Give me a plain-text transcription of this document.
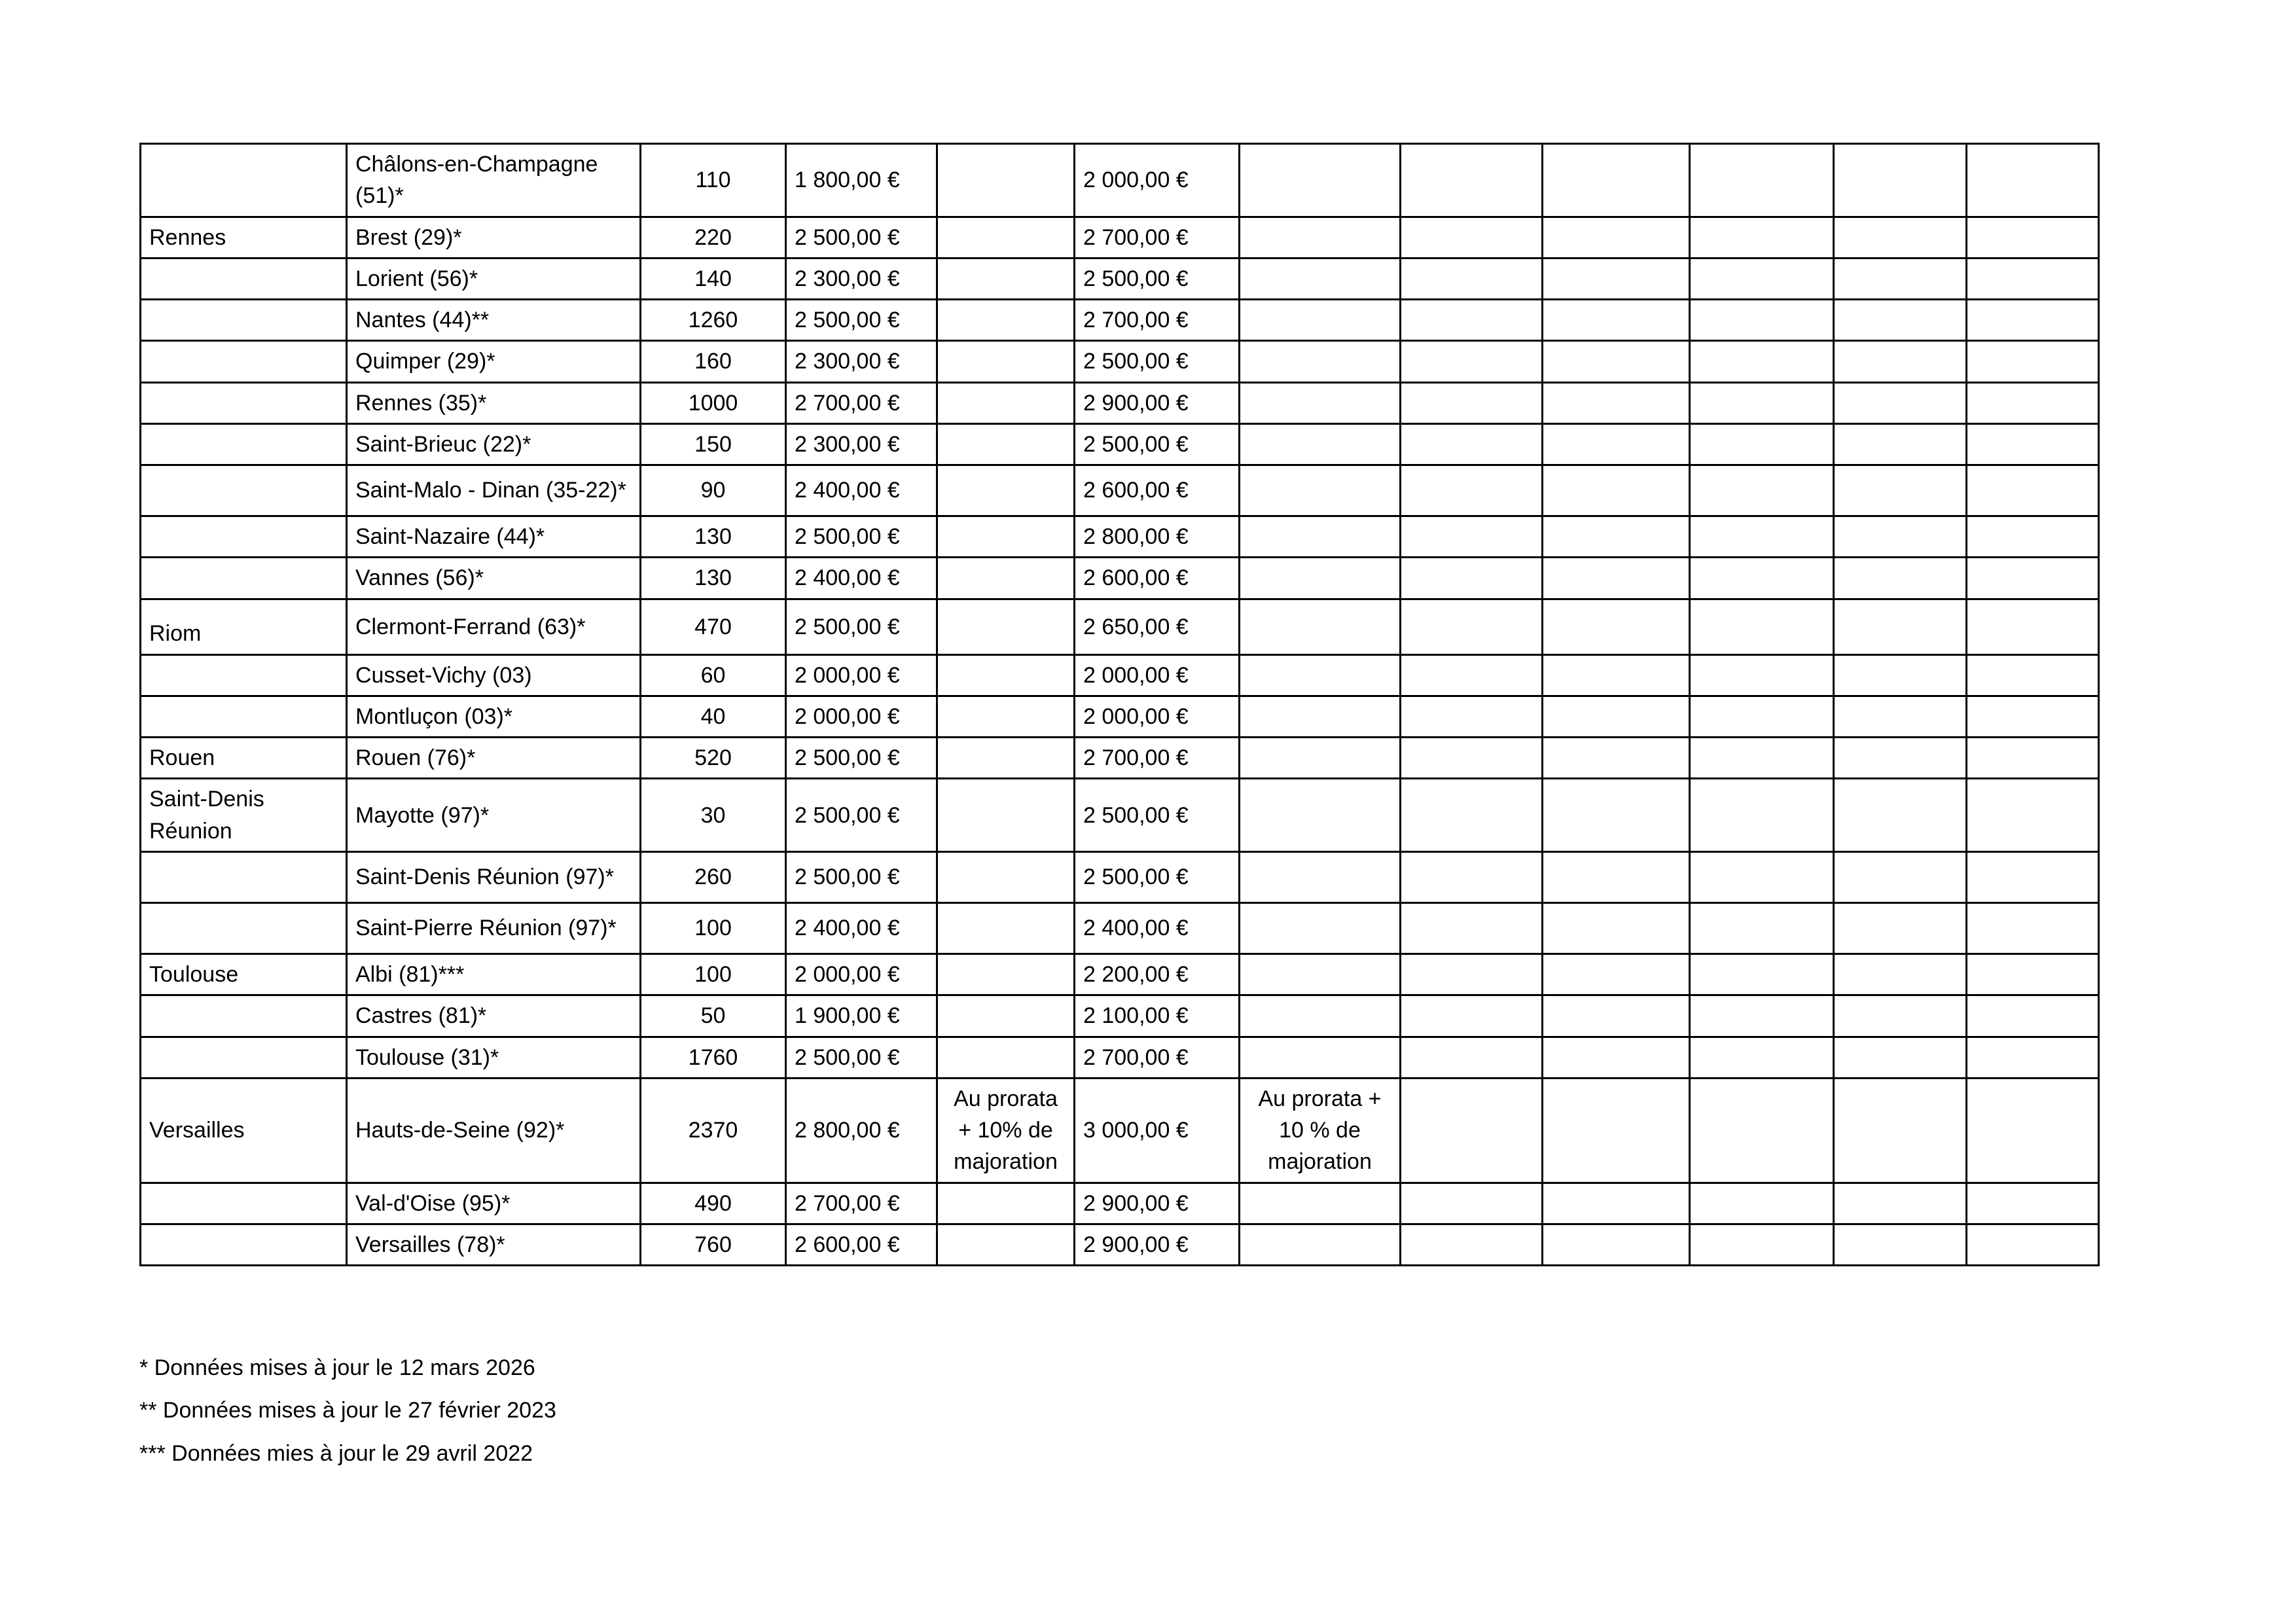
	Châlons-en-Champagne (51)*	110	1 800,00 €		2 000,00 €						
Rennes	Brest (29)*	220	2 500,00 €		2 700,00 €						
	Lorient (56)*	140	2 300,00 €		2 500,00 €						
	Nantes (44)**	1260	2 500,00 €		2 700,00 €						
	Quimper (29)*	160	2 300,00 €		2 500,00 €						
	Rennes (35)*	1000	2 700,00 €		2 900,00 €						
	Saint-Brieuc (22)*	150	2 300,00 €		2 500,00 €						
	Saint-Malo - Dinan (35-22)*	90	2 400,00 €		2 600,00 €						
	Saint-Nazaire (44)*	130	2 500,00 €		2 800,00 €						
	Vannes (56)*	130	2 400,00 €		2 600,00 €						
Riom	Clermont-Ferrand (63)*	470	2 500,00 €		2 650,00 €						
	Cusset-Vichy (03)	60	2 000,00 €		2 000,00 €						
	Montluçon (03)*	40	2 000,00 €		2 000,00 €						
Rouen	Rouen (76)*	520	2 500,00 €		2 700,00 €						
Saint-Denis Réunion	Mayotte (97)*	30	2 500,00 €		2 500,00 €						
	Saint-Denis Réunion (97)*	260	2 500,00 €		2 500,00 €						
	Saint-Pierre Réunion (97)*	100	2 400,00 €		2 400,00 €						
Toulouse	Albi (81)***	100	2 000,00 €		2 200,00 €						
	Castres (81)*	50	1 900,00 €		2 100,00 €						
	Toulouse (31)*	1760	2 500,00 €		2 700,00 €						
Versailles	Hauts-de-Seine (92)*	2370	2 800,00 €	Au prorata + 10% de majoration	3 000,00 €	Au prorata + 10 % de majoration					
	Val-d'Oise (95)*	490	2 700,00 €		2 900,00 €						
	Versailles (78)*	760	2 600,00 €		2 900,00 €						
* Données mises à jour le 12 mars 2026
** Données mises à jour le 27 février 2023
*** Données mies à jour le 29 avril 2022
